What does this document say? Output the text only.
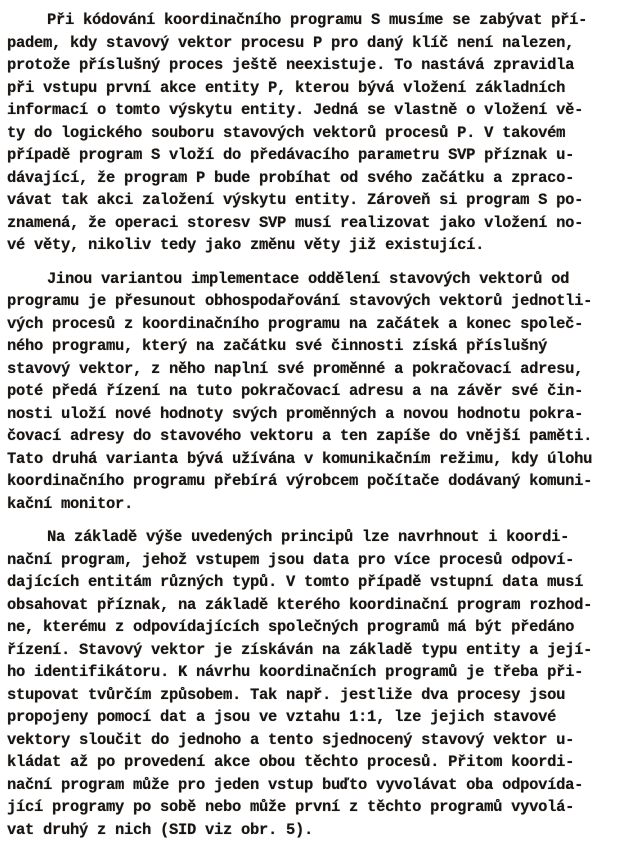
Při kódování koordinačního programu S musíme se zabývat pří-
padem, kdy stavový vektor procesu P pro daný klíč není nalezen,
protože příslušný proces ještě neexistuje. To nastává zpravidla
při vstupu první akce entity P, kterou bývá vložení základních
informací o tomto výskytu entity. Jedná se vlastně o vložení vě-
ty do logického souboru stavových vektorů procesů P. V takovém
případě program S vloží do předávacího parametru SVP příznak u-
dávající, že program P bude probíhat od svého začátku a zpraco-
vávat tak akci založení výskytu entity. Zároveň si program S po-
znamená, že operaci storesv SVP musí realizovat jako vložení no-
vé věty, nikoliv tedy jako změnu věty již existující.
Jinou variantou implementace oddělení stavových vektorů od
programu je přesunout obhospodařování stavových vektorů jednotli-
vých procesů z koordinačního programu na začátek a konec společ-
ného programu, který na začátku své činnosti získá příslušný
stavový vektor, z něho naplní své proměnné a pokračovací adresu,
poté předá řízení na tuto pokračovací adresu a na závěr své čin-
nosti uloží nové hodnoty svých proměnných a novou hodnotu pokra-
čovací adresy do stavového vektoru a ten zapíše do vnější paměti.
Tato druhá varianta bývá užívána v komunikačním režimu, kdy úlohu
koordinačního programu přebírá výrobcem počítače dodávaný komuni-
kační monitor.
Na základě výše uvedených principů lze navrhnout i koordi-
nační program, jehož vstupem jsou data pro více procesů odpoví-
dajících entitám různých typů. V tomto případě vstupní data musí
obsahovat příznak, na základě kterého koordinační program rozhod-
ne, kterému z odpovídajících společných programů má být předáno
řízení. Stavový vektor je získáván na základě typu entity a její-
ho identifikátoru. K návrhu koordinačních programů je třeba při-
stupovat tvůrčím způsobem. Tak např. jestliže dva procesy jsou
propojeny pomocí dat a jsou ve vztahu 1:1, lze jejich stavové
vektory sloučit do jednoho a tento sjednocený stavový vektor u-
kládat až po provedení akce obou těchto procesů. Přitom koordi-
nační program může pro jeden vstup buďto vyvolávat oba odpovída-
jící programy po sobě nebo může první z těchto programů vyvolá-
vat druhý z nich (SID viz obr. 5).
